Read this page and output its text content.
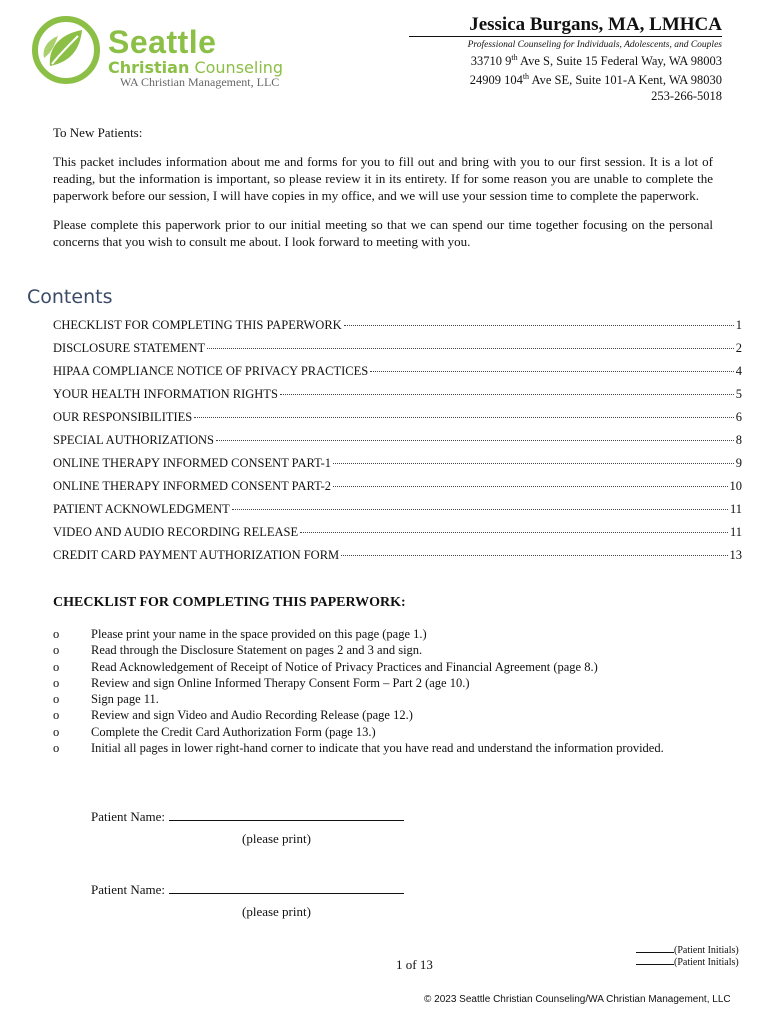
Seattle
Christian Counseling
WA Christian Management, LLC
Jessica Burgans, MA, LMHCA
Professional Counseling for Individuals, Adolescents, and Couples
33710 9th Ave S, Suite 15 Federal Way, WA 98003
24909 104th Ave SE, Suite 101-A Kent, WA 98030
253-266-5018

To New Patients:

This packet includes information about me and forms for you to fill out and bring with you to our first session. It is a lot of reading, but the information is important, so please review it in its entirety. If for some reason you are unable to complete the paperwork before our session, I will have copies in my office, and we will use your session time to complete the paperwork.

Please complete this paperwork prior to our initial meeting so that we can spend our time together focusing on the personal concerns that you wish to consult me about. I look forward to meeting with you.

Contents
CHECKLIST FOR COMPLETING THIS PAPERWORK	1
DISCLOSURE STATEMENT	2
HIPAA COMPLIANCE NOTICE OF PRIVACY PRACTICES	4
YOUR HEALTH INFORMATION RIGHTS	5
OUR RESPONSIBILITIES	6
SPECIAL AUTHORIZATIONS	8
ONLINE THERAPY INFORMED CONSENT PART-1	9
ONLINE THERAPY INFORMED CONSENT PART-2	10
PATIENT ACKNOWLEDGMENT	11
VIDEO AND AUDIO RECORDING RELEASE	11
CREDIT CARD PAYMENT AUTHORIZATION FORM	13
CHECKLIST FOR COMPLETING THIS PAPERWORK:
o	Please print your name in the space provided on this page (page 1.)
o	Read through the Disclosure Statement on pages 2 and 3 and sign.
o	Read Acknowledgement of Receipt of Notice of Privacy Practices and Financial Agreement (page 8.)
o	Review and sign Online Informed Therapy Consent Form – Part 2 (age 10.)
o	Sign page 11.
o	Review and sign Video and Audio Recording Release (page 12.)
o	Complete the Credit Card Authorization Form (page 13.)
o	Initial all pages in lower right-hand corner to indicate that you have read and understand the information provided.
Patient Name:
(please print)
Patient Name:
(please print)
(Patient Initials)
(Patient Initials)
1 of 13
© 2023 Seattle Christian Counseling/WA Christian Management, LLC
